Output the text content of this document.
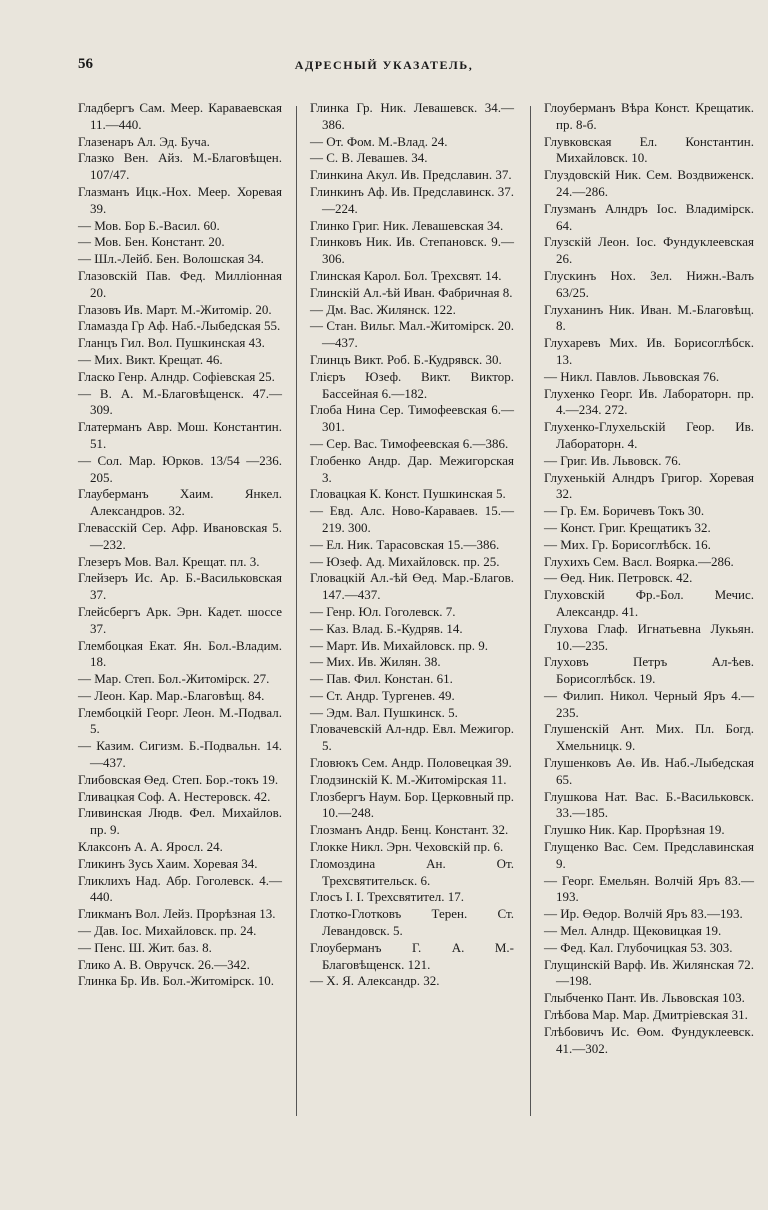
56	АДРЕСНЫЙ УКАЗАТЕЛЬ,
Гладбергъ Сам. Меер. Караваевская 11.—440.
Глазенаръ Ал. Эд. Буча.
Глазко Вен. Айз. М.-Благовѣщен. 107/47.
Глазманъ Ицк.-Нох. Меер. Хоревая 39.
— Мов. Бор Б.-Васил. 60.
— Мов. Бен. Констант. 20.
— Шл.-Лейб. Бен. Волошская 34.
Глазовскій Пав. Фед. Миллiонная 20.
Глазовъ Ив. Март. М.-Житомір. 20.
Гламазда Гр Аф. Наб.-Лыбедская 55.
Гланцъ Гил. Вол. Пушкинская 43.
— Мих. Викт. Крещат. 46.
Гласко Генр. Алндр. Софiевская 25.
— В. А. М.-Благовѣщенск. 47.—309.
Глатерманъ Авр. Мош. Константин. 51.
— Сол. Мар. Юрков. 13/54 —236. 205.
Глауберманъ Хаим. Янкел. Александров. 32.
Глевасскій Сер. Афр. Ивановская 5.—232.
Глезеръ Мов. Вал. Крещат. пл. 3.
Глейзеръ Ис. Ар. Б.-Васильковская 37.
Глейсбергъ Арк. Эрн. Кадет. шоссе 37.
Глембоцкая Екат. Ян. Бол.-Владим. 18.
— Мар. Степ. Бол.-Житомірск. 27.
— Леон. Кар. Мар.-Благовѣщ. 84.
Глембоцкій Георг. Леон. М.-Подвал. 5.
— Казим. Сигизм. Б.-Подвальн. 14.—437.
Глибовская Өед. Степ. Бор.-токъ 19.
Гливацкая Соф. А. Нестеровск. 42.
Гливинская Людв. Фел. Михайлов. пр. 9.
Клаксонъ А. А. Яросл. 24.
Гликинъ Зусь Хаим. Хоревая 34.
Гликлихъ Над. Абр. Гоголевск. 4.—440.
Гликманъ Вол. Лейз. Прорѣзная 13.
— Дав. Іос. Михайловск. пр. 24.
— Пенс. Ш. Жит. баз. 8.
Глико А. В. Овручск. 26.—342.
Глинка Бр. Ив. Бол.-Житомірск. 10.
Глинка Гр. Ник. Левашевск. 34.—386.
— От. Фом. М.-Влад. 24.
— С. В. Левашев. 34.
Глинкина Акул. Ив. Предславин. 37.
Глинкинъ Аф. Ив. Предславинск. 37.—224.
Глинко Григ. Ник. Левашевская 34.
Глинковъ Ник. Ив. Степановск. 9.—306.
Глинская Карол. Бол. Трехсвят. 14.
Глинскій Ал.-ѣй Иван. Фабричная 8.
— Дм. Вас. Жилянск. 122.
— Стан. Вильг. Мал.-Житомірск. 20.—437.
Глинцъ Викт. Роб. Б.-Кудрявск. 30.
Глієръ Юзеф. Викт. Виктор. Бассейная 6.—182.
Глоба Нина Сер. Тимофеевская 6.—301.
— Сер. Вас. Тимофеевская 6.—386.
Глобенко Андр. Дар. Межигорская 3.
Гловацкая К. Конст. Пушкинская 5.
— Евд. Алс. Ново-Караваев. 15.—219. 300.
— Ел. Ник. Тарасовская 15.—386.
— Юзеф. Ад. Михайловск. пр. 25.
Гловацкій Ал.-ѣй Өед. Мар.-Благов. 147.—437.
— Генр. Юл. Гоголевск. 7.
— Каз. Влад. Б.-Кудряв. 14.
— Март. Ив. Михайловск. пр. 9.
— Мих. Ив. Жилян. 38.
— Пав. Фил. Констан. 61.
— Ст. Андр. Тургенев. 49.
— Эдм. Вал. Пушкинск. 5.
Гловачевскій Ал-ндр. Евл. Межигор. 5.
Гловюкъ Сем. Андр. Половецкая 39.
Глодзинскій К. М.-Житомірская 11.
Глозбергъ Наум. Бор. Церковный пр. 10.—248.
Глозманъ Андр. Бенц. Констант. 32.
Глокке Никл. Эрн. Чеховскій пр. 6.
Гломоздина Ан. От. Трехсвятительск. 6.
Глосъ І. І. Трехсвятител. 17.
Глотко-Глотковъ Терен. Ст. Левандовск. 5.
Глоуберманъ Г. А. М.-Благовѣщенск. 121.
— Х. Я. Александр. 32.
Глоуберманъ Вѣра Конст. Крещатик. пр. 8-б.
Глувковская Ел. Константин. Михайловск. 10.
Глуздовскій Ник. Сем. Воздвиженск. 24.—286.
Глузманъ Алндръ Іос. Владимірск. 64.
Глузскій Леон. Іос. Фундуклеевская 26.
Глускинъ Нох. Зел. Нижн.-Валъ 63/25.
Глуханинъ Ник. Иван. М.-Благовѣщ. 8.
Глухаревъ Мих. Ив. Борисоглѣбск. 13.
— Никл. Павлов. Львовская 76.
Глухенко Георг. Ив. Лабораторн. пр. 4.—234. 272.
Глухенко-Глухельскій Геор. Ив. Лабораторн. 4.
— Григ. Ив. Львовск. 76.
Глухенькій Алндръ Григор. Хоревая 32.
— Гр. Ем. Боричевъ Токъ 30.
— Конст. Григ. Крещатикъ 32.
— Мих. Гр. Борисоглѣбск. 16.
Глухихъ Сем. Васл. Воярка.—286.
— Өед. Ник. Петровск. 42.
Глуховскій Фр.-Бол. Мечис. Александр. 41.
Глухова Глаф. Игнатьевна Лукьян. 10.—235.
Глуховъ Петръ Ал-ѣев. Борисоглѣбск. 19.
— Филип. Никол. Черный Яръ 4.—235.
Глушенскій Ант. Мих. Пл. Богд. Хмельницк. 9.
Глушенковъ Аө. Ив. Наб.-Лыбедская 65.
Глушкова Нат. Вас. Б.-Васильковск. 33.—185.
Глушко Ник. Кар. Прорѣзная 19.
Глущенко Вас. Сем. Предславинская 9.
— Георг. Емельян. Волчій Яръ 83.—193.
— Ир. Өедор. Волчій Яръ 83.—193.
— Мел. Алндр. Щековицкая 19.
— Фед. Кал. Глубочицкая 53. 303.
Глущинскій Варф. Ив. Жилянская 72.—198.
Глыбченко Пант. Ив. Львовская 103.
Глѣбова Мар. Мар. Дмитріевская 31.
Глѣбовичъ Ис. Өом. Фундуклеевск. 41.—302.
